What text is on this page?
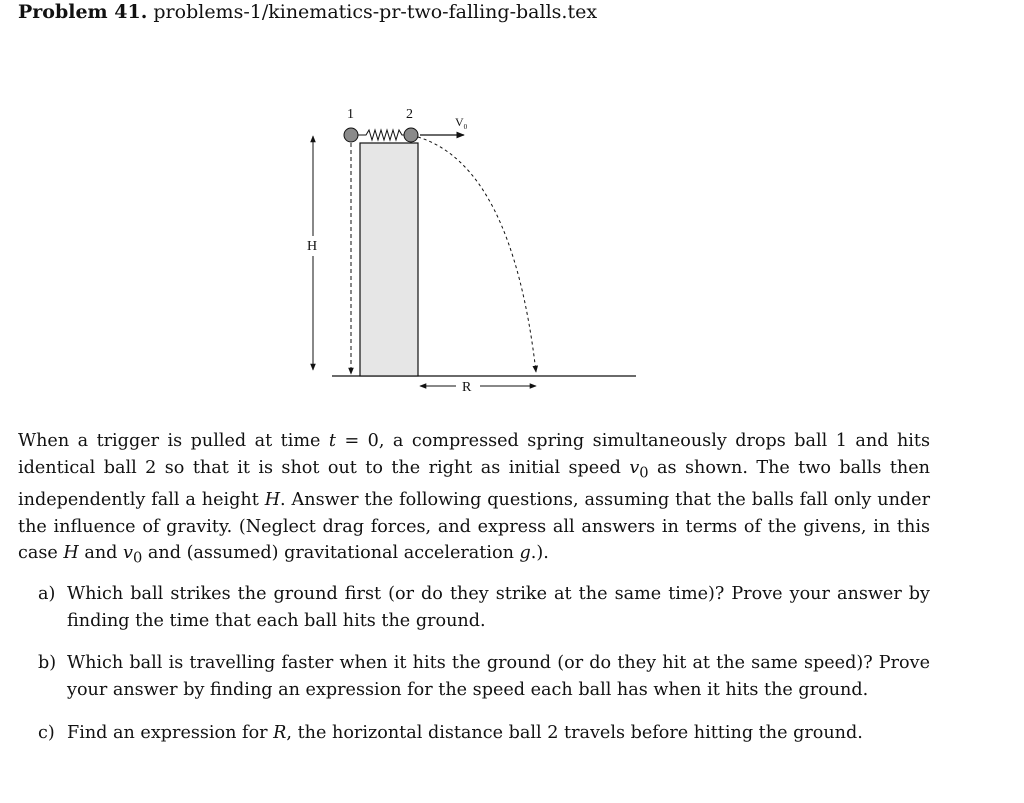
Problem 41. problems-1/kinematics-pr-two-falling-balls.tex
1	2	$V_0$
H
R
When a trigger is pulled at time t = 0, a compressed spring simultaneously drops ball 1 and hits identical ball 2 so that it is shot out to the right as initial speed $v_0$ as shown. The two balls then independently fall a height H. Answer the following questions, assuming that the balls fall only under the influence of gravity. (Neglect drag forces, and express all answers in terms of the givens, in this case H and $v_0$ and (assumed) gravitational acceleration g.).
a) Which ball strikes the ground first (or do they strike at the same time)? Prove your answer by finding the time that each ball hits the ground.
b) Which ball is travelling faster when it hits the ground (or do they hit at the same speed)? Prove your answer by finding an expression for the speed each ball has when it hits the ground.
c) Find an expression for R, the horizontal distance ball 2 travels before hitting the ground.
